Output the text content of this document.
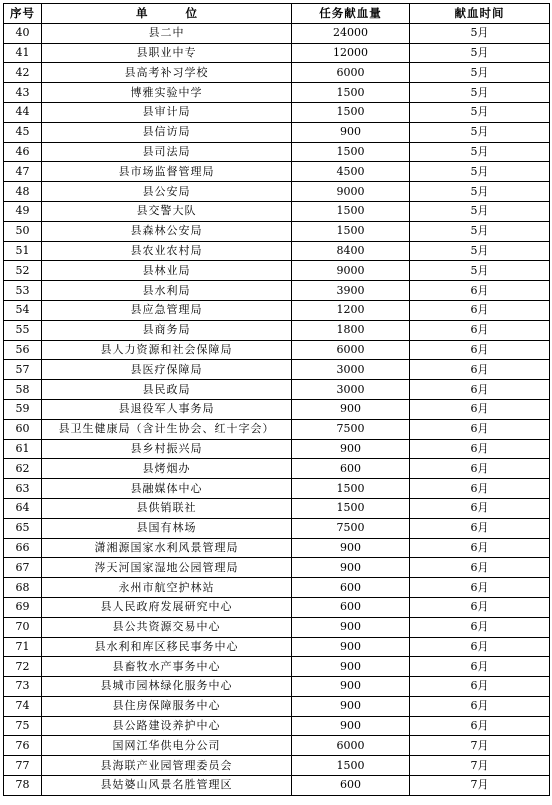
序号	单 位	任务献血量	献血时间
40	县二中	24000	5月
41	县职业中专	12000	5月
42	县高考补习学校	6000	5月
43	博雅实验中学	1500	5月
44	县审计局	1500	5月
45	县信访局	900	5月
46	县司法局	1500	5月
47	县市场监督管理局	4500	5月
48	县公安局	9000	5月
49	县交警大队	1500	5月
50	县森林公安局	1500	5月
51	县农业农村局	8400	5月
52	县林业局	9000	5月
53	县水利局	3900	6月
54	县应急管理局	1200	6月
55	县商务局	1800	6月
56	县人力资源和社会保障局	6000	6月
57	县医疗保障局	3000	6月
58	县民政局	3000	6月
59	县退役军人事务局	900	6月
60	县卫生健康局（含计生协会、红十字会）	7500	6月
61	县乡村振兴局	900	6月
62	县烤烟办	600	6月
63	县融媒体中心	1500	6月
64	县供销联社	1500	6月
65	县国有林场	7500	6月
66	潇湘源国家水利风景管理局	900	6月
67	涔天河国家湿地公园管理局	900	6月
68	永州市航空护林站	600	6月
69	县人民政府发展研究中心	600	6月
70	县公共资源交易中心	900	6月
71	县水利和库区移民事务中心	900	6月
72	县畜牧水产事务中心	900	6月
73	县城市园林绿化服务中心	900	6月
74	县住房保障服务中心	900	6月
75	县公路建设养护中心	900	6月
76	国网江华供电分公司	6000	7月
77	县海联产业园管理委员会	1500	7月
78	县姑婆山风景名胜管理区	600	7月
